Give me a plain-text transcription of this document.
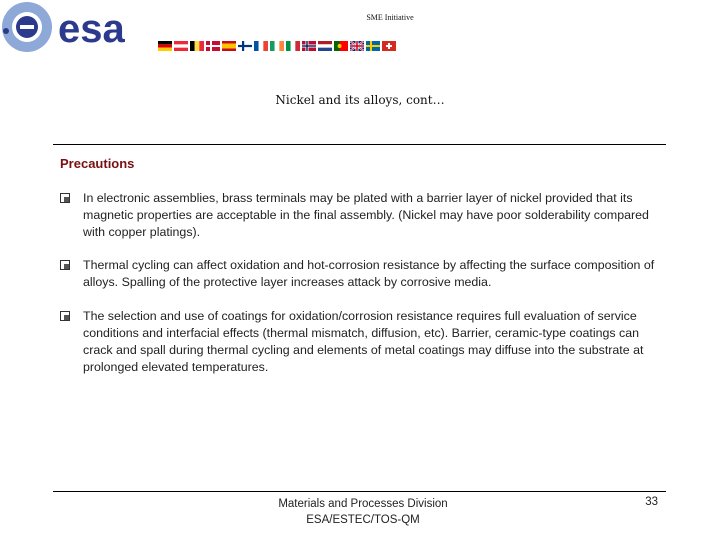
esa	SME Initiative
Nickel and its alloys, cont…
Precautions
In electronic assemblies, brass terminals may be plated with a barrier layer of nickel provided that its magnetic properties are acceptable in the final assembly. (Nickel may have poor solderability compared with copper platings).
Thermal cycling can affect oxidation and hot-corrosion resistance by affecting the surface composition of alloys. Spalling of the protective layer increases attack by corrosive media.
The selection and use of coatings for oxidation/corrosion resistance requires full evaluation of service conditions and interfacial effects (thermal mismatch, diffusion, etc). Barrier, ceramic-type coatings can crack and spall during thermal cycling and elements of metal coatings may diffuse into the substrate at prolonged elevated temperatures.
Materials and Processes Division
ESA/ESTEC/TOS-QM
33
